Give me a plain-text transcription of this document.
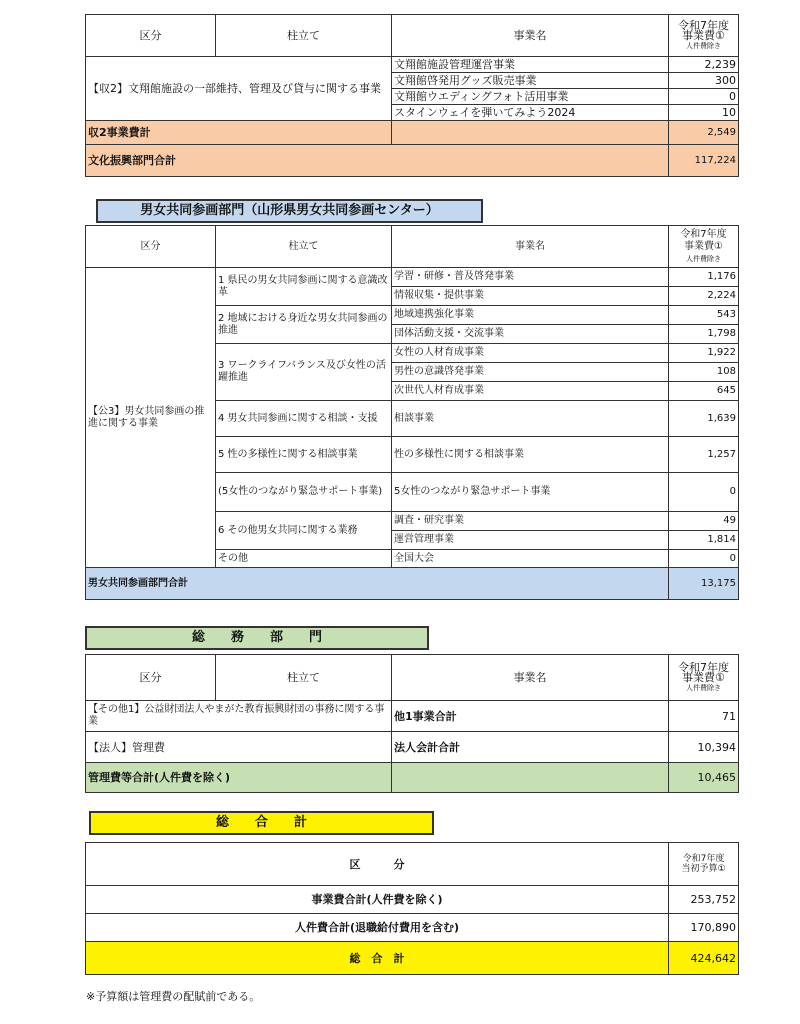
区分	柱立て	事業名	令和7年度
事業費①
人件費除き

【収2】文翔館施設の一部維持、管理及び貸与に関する事業		文翔館施設管理運営事業	2,239
		文翔館啓発用グッズ販売事業	300
		文翔館ウエディングフォト活用事業	0
		スタインウェイを弾いてみよう2024	10
収2事業費計			2,549
文化振興部門合計			117,224
男女共同参画部門（山形県男女共同参画センター）
区分	柱立て	事業名	令和7年度
事業費①
人件費除き

【公3】男女共同参画の推進に関する事業	1 県民の男女共同参画に関する意識改革	学習・研修・普及啓発事業	1,176
		情報収集・提供事業	2,224
	2 地域における身近な男女共同参画の推進	地域連携強化事業	543
		団体活動支援・交流事業	1,798
	3 ワークライフバランス及び女性の活躍推進	女性の人材育成事業	1,922
		男性の意識啓発事業	108
		次世代人材育成事業	645
	4 男女共同参画に関する相談・支援	相談事業	1,639
	5 性の多様性に関する相談事業	性の多様性に関する相談事業	1,257
	(5女性のつながり緊急サポート事業)	5女性のつながり緊急サポート事業	0
	6 その他男女共同に関する業務	調査・研究事業	49
		運営管理事業	1,814
	その他	全国大会	0
男女共同参画部門合計			13,175
総　　務　　部　　門
区分	柱立て	事業名	令和7年度
事業費①
人件費除き

【その他1】公益財団法人やまがた教育振興財団の事務に関する事業		他1事業合計	71
【法人】管理費		法人会計合計	10,394
管理費等合計(人件費を除く)			10,465
総　　合　　計
区　　　分	令和7年度
当初予算①

事業費合計(人件費を除く)	253,752
人件費合計(退職給付費用を含む)	170,890
総　合　計	424,642
※予算額は管理費の配賦前である。
